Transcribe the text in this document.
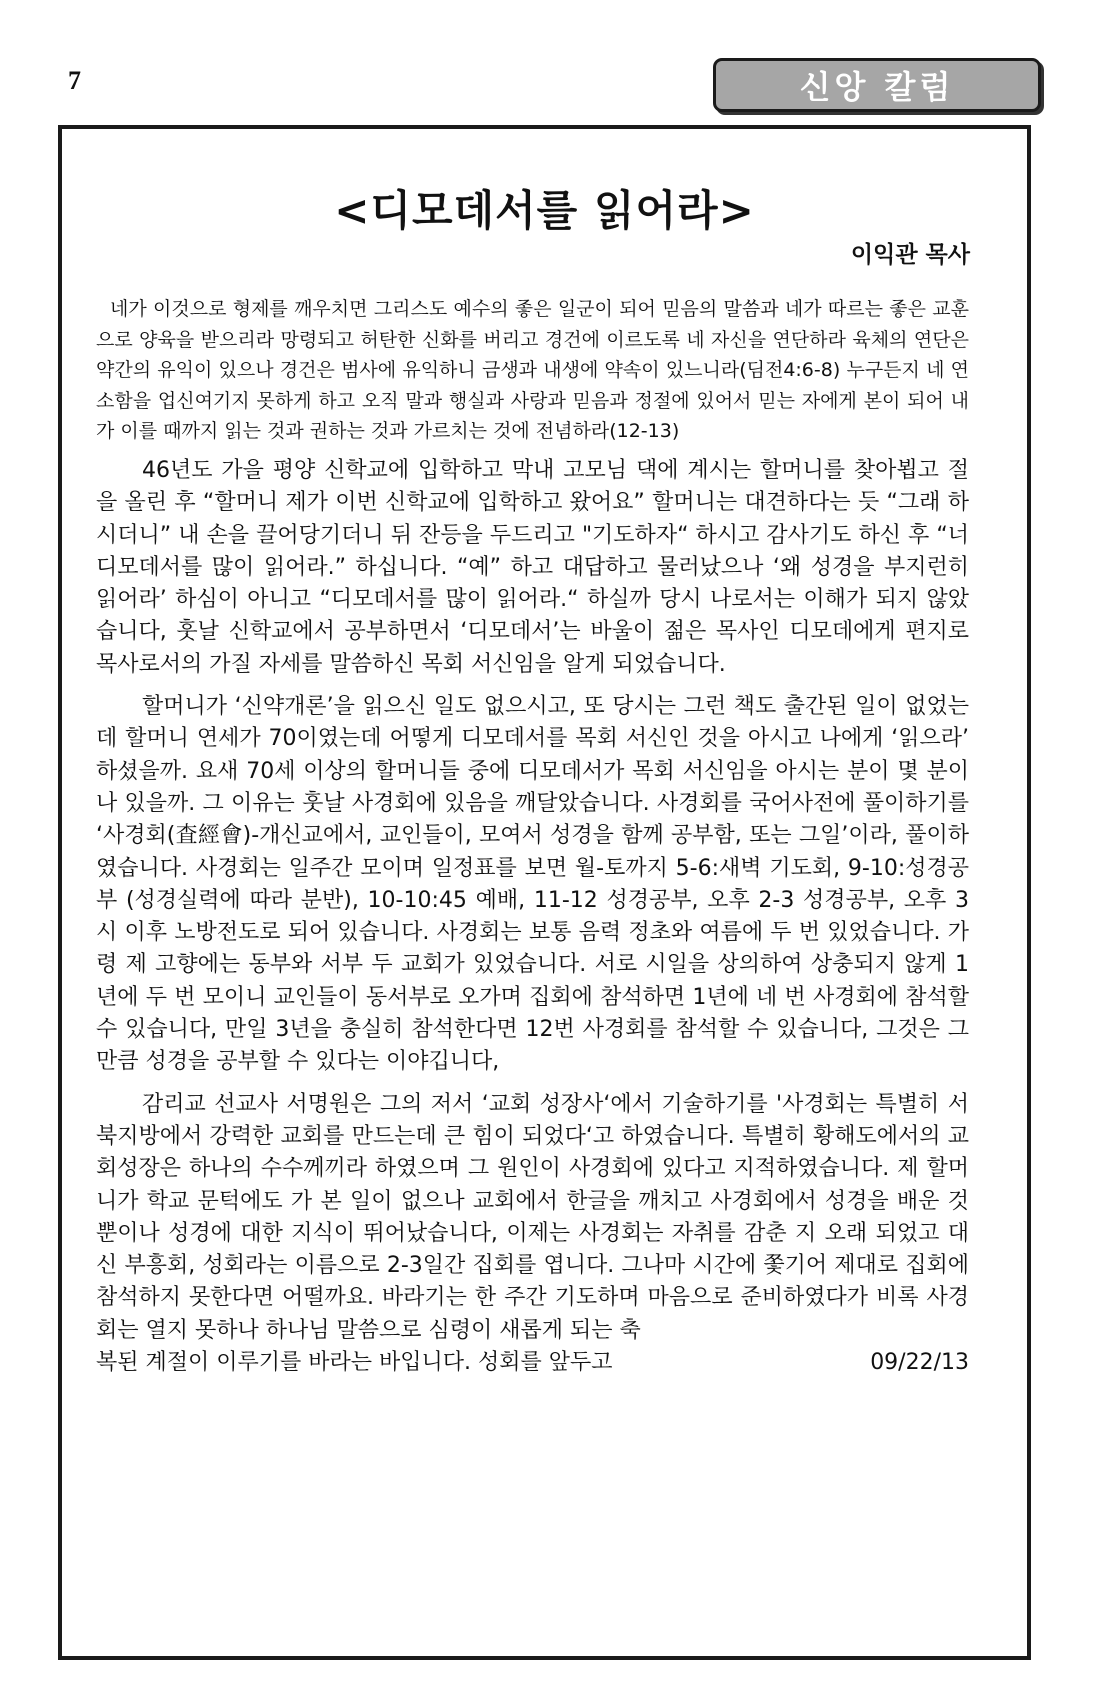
7	신앙 칼럼
<디모데서를 읽어라>
이익관 목사

네가 이것으로 형제를 깨우치면 그리스도 예수의 좋은 일군이 되어 믿음의 말씀과 네가 따르는 좋은 교훈으로 양육을 받으리라 망령되고 허탄한 신화를 버리고 경건에 이르도록 네 자신을 연단하라 육체의 연단은 약간의 유익이 있으나 경건은 범사에 유익하니 금생과 내생에 약속이 있느니라(딤전4:6-8) 누구든지 네 연소함을 업신여기지 못하게 하고 오직 말과 행실과 사랑과 믿음과 정절에 있어서 믿는 자에게 본이 되어 내가 이를 때까지 읽는 것과 권하는 것과 가르치는 것에 전념하라(12-13)

46년도 가을 평양 신학교에 입학하고 막내 고모님 댁에 계시는 할머니를 찾아뵙고 절을 올린 후 “할머니 제가 이번 신학교에 입학하고 왔어요” 할머니는 대견하다는 듯 “그래 하시더니” 내 손을 끌어당기더니 뒤 잔등을 두드리고 "기도하자“ 하시고 감사기도 하신 후 “너 디모데서를 많이 읽어라.” 하십니다. “예” 하고 대답하고 물러났으나 ‘왜 성경을 부지런히 읽어라’ 하심이 아니고 “디모데서를 많이 읽어라.“ 하실까 당시 나로서는 이해가 되지 않았습니다, 훗날 신학교에서 공부하면서 ‘디모데서’는 바울이 젊은 목사인 디모데에게 편지로 목사로서의 가질 자세를 말씀하신 목회 서신임을 알게 되었습니다.

할머니가 ‘신약개론’을 읽으신 일도 없으시고, 또 당시는 그런 책도 출간된 일이 없었는데 할머니 연세가 70이였는데 어떻게 디모데서를 목회 서신인 것을 아시고 나에게 ‘읽으라’ 하셨을까. 요새 70세 이상의 할머니들 중에 디모데서가 목회 서신임을 아시는 분이 몇 분이나 있을까. 그 이유는 훗날 사경회에 있음을 깨달았습니다. 사경회를 국어사전에 풀이하기를 ‘사경회(査經會)-개신교에서, 교인들이, 모여서 성경을 함께 공부함, 또는 그일’이라, 풀이하였습니다. 사경회는 일주간 모이며 일정표를 보면 월-토까지 5-6:새벽 기도회, 9-10:성경공부 (성경실력에 따라 분반), 10-10:45 예배, 11-12 성경공부, 오후 2-3 성경공부, 오후 3시 이후 노방전도로 되어 있습니다. 사경회는 보통 음력 정초와 여름에 두 번 있었습니다. 가령 제 고향에는 동부와 서부 두 교회가 있었습니다. 서로 시일을 상의하여 상충되지 않게 1년에 두 번 모이니 교인들이 동서부로 오가며 집회에 참석하면 1년에 네 번 사경회에 참석할 수 있습니다, 만일 3년을 충실히 참석한다면 12번 사경회를 참석할 수 있습니다, 그것은 그만큼 성경을 공부할 수 있다는 이야깁니다,

감리교 선교사 서명원은 그의 저서 ‘교회 성장사‘에서 기술하기를 '사경회는 특별히 서북지방에서 강력한 교회를 만드는데 큰 힘이 되었다‘고 하였습니다. 특별히 황해도에서의 교회성장은 하나의 수수께끼라 하였으며 그 원인이 사경회에 있다고 지적하였습니다. 제 할머니가 학교 문턱에도 가 본 일이 없으나 교회에서 한글을 깨치고 사경회에서 성경을 배운 것 뿐이나 성경에 대한 지식이 뛰어났습니다, 이제는 사경회는 자취를 감춘 지 오래 되었고 대신 부흥회, 성회라는 이름으로 2-3일간 집회를 엽니다. 그나마 시간에 쫓기어 제대로 집회에 참석하지 못한다면 어떨까요. 바라기는 한 주간 기도하며 마음으로 준비하였다가 비록 사경회는 열지 못하나 하나님 말씀으로 심령이 새롭게 되는 축

복된 계절이 이루기를 바라는 바입니다. 성회를 앞두고	09/22/13
